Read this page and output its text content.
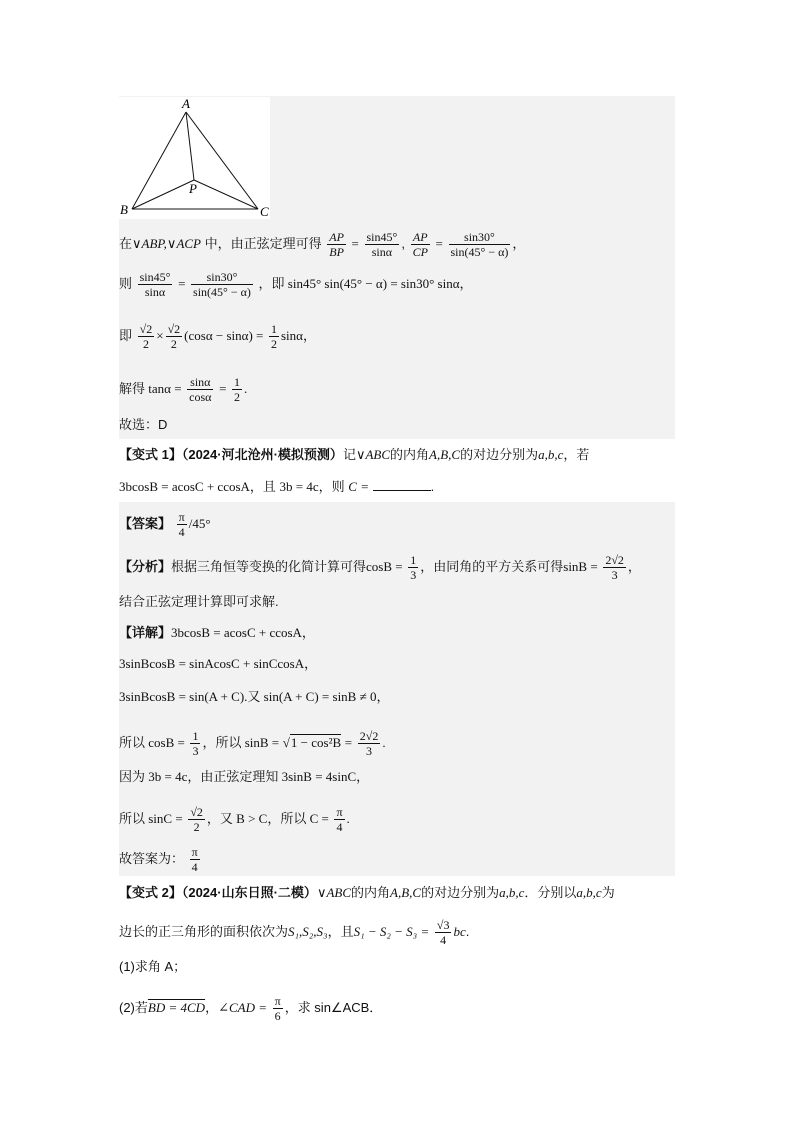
A
B	C
P
在∨ABP,∨ACP 中，由正弦定理可得 $\frac{AP}{BP} = \frac{\sin 45^\circ}{\sin\alpha}$ , $\frac{AP}{CP} = \frac{\sin 30^\circ}{\sin(45^\circ - \alpha)}$ ，
则 $\frac{\sin 45^\circ}{\sin\alpha} = \frac{\sin 30^\circ}{\sin(45^\circ - \alpha)}$ ，即 sin45° sin(45° − α) = sin30° sinα，
即 $\frac{√2}{2} \times \frac{√2}{2} (\cos\alpha - \sin\alpha) = \frac{1}{2}$ sinα，
解得 $\tan\alpha = \frac{\sin\alpha}{\cos\alpha} = \frac{1}{2}$ .
故选：D
【变式 1】（2024·河北沧州·模拟预测）记∨ABC的内角A,B,C的对边分别为a,b,c，若
3bcosB = acosC + ccosA，且 3b = 4c，则 C =	.
【答案】 $\frac{\pi}{4} /45^\circ$
【分析】根据三角恒等变换的化简计算可得$\cos B = \frac{1}{3}$ ，由同角的平方关系可得$\sin B = \frac{2√2}{3}$ ，
结合正弦定理计算即可求解.
【详解】3bcosB = acosC + ccosA，
3sinBcosB = sinAcosC + sinCcosA，
3sinBcosB = sin(A + C).又 sin(A + C) = sinB ≠ 0，
所以 $\cos B = \frac{1}{3}$ ，所以 $\sin B = √1 - \cos^2B = \frac{2√2}{3}$ .
因为 3b = 4c，由正弦定理知 3sinB = 4sinC，
所以 $\sin C = \frac{√2}{2}$ ，又 B > C，所以 $C = \frac{\pi}{4}$ .
故答案为： $\frac{\pi}{4}$
【变式 2】（2024·山东日照·二模）∨ABC的内角A,B,C的对边分别为a,b,c．分别以a,b,c为
边长的正三角形的面积依次为S₁,S₂,S₃，且$S_1 - S_2 - S_3 = \frac{√3}{4}$ bc.
(1)求角 A；
(2)若BD = 4CD，∠CAD = $\frac{\pi}{6}$ ，求 sin∠ACB．
